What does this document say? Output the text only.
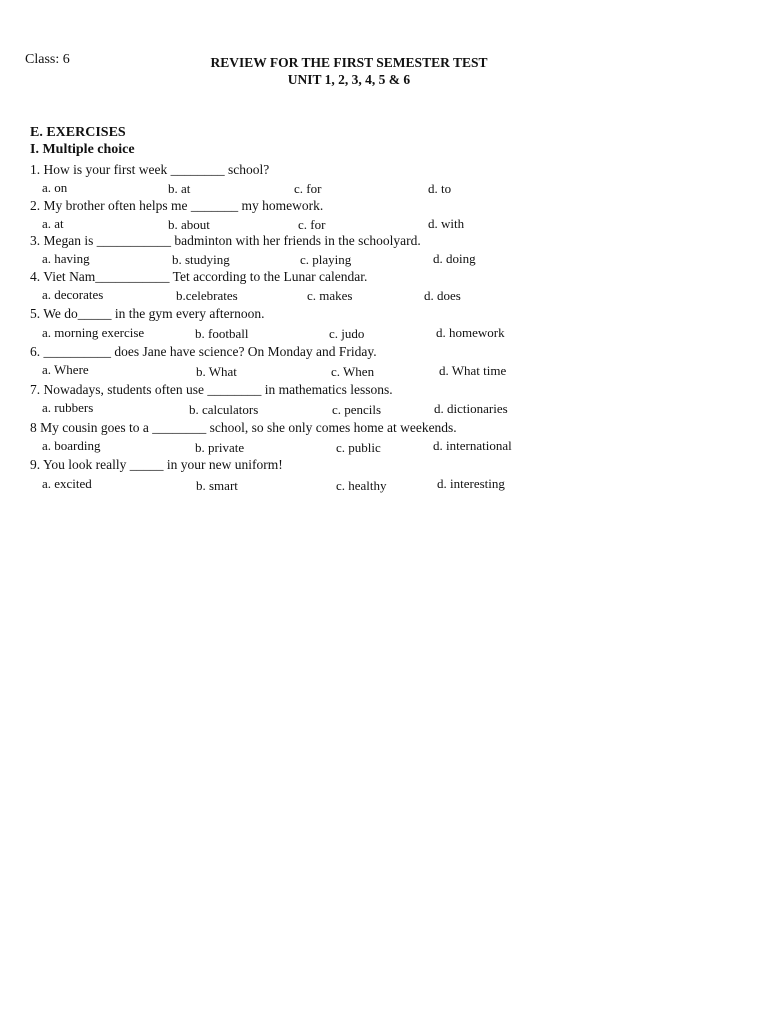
Class: 6	REVIEW FOR THE FIRST SEMESTER TEST
UNIT 1, 2, 3, 4, 5 & 6
E. EXERCISES
I. Multiple choice
1. How is your first week ________ school?
a. on	b. at	c. for	d. to
2. My brother often helps me _______ my homework.
a. at	b. about	c. for	d. with
3. Megan is ___________ badminton with her friends in the schoolyard.
a. having	b. studying	c. playing	d. doing
4. Viet Nam___________ Tet according to the Lunar calendar.
a. decorates	b.celebrates	c. makes	d. does
5. We do_____ in the gym every afternoon.
a. morning exercise	b. football	c. judo	d. homework
6. __________ does Jane have science? On Monday and Friday.
a. Where	b. What	c. When	d. What time
7. Nowadays, students often use ________ in mathematics lessons.
a. rubbers	b. calculators	c. pencils	d. dictionaries
8 My cousin goes to a ________ school, so she only comes home at weekends.
a. boarding	b. private	c. public	d. international
9. You look really _____ in your new uniform!
a. excited	b. smart	c. healthy	d. interesting
